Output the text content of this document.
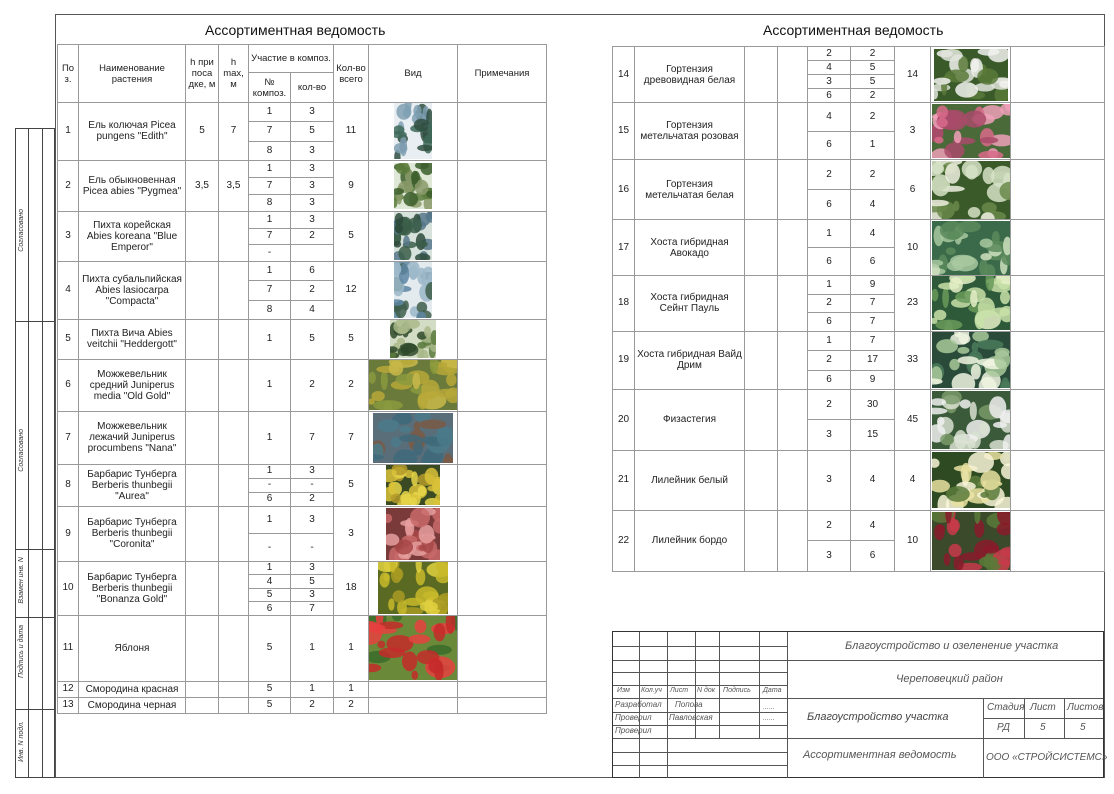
Согласовано
Согласовано
Взамен инв. N
Подпись и дата
Инв. N подл.
Ассортиментная ведомость	Ассортиментная ведомость
По з.	Наименование растения	h при поса дке, м	h max, м	Участие в композ.		Кол-во всего	Вид	Примечания
				№ композ.	кол-во			
1	Ель колючая Picea pungens "Edith"	5	7	1	3	11	

				7	5			
				8	3			
2	Ель обыкновенная Picea abies "Pygmea"	3,5	3,5	1	3	9	

				7	3			
				8	3			
3	Пихта корейская Abies koreana "Blue Emperor"			1	3	5	

				7	2			
				-				
4	Пихта субальпийская Abies lasiocarpa "Compacta"			1	6	12	

				7	2			
				8	4			
5	Пихта Вича Abies veitchii "Heddergott"			1	5	5	

6	Можжевельник средний Juniperus media "Old Gold"			1	2	2	

7	Можжевельник лежачий Juniperus procumbens "Nana"			1	7	7	

8	Барбарис Тунберга Berberis thunbegii "Aurea"			1	3	5	

				-	-			
				6	2			
9	Барбарис Тунберга Berberis thunbegii "Coronita"			1	3	3	

				-	-			
10	Барбарис Тунберга Berberis thunbegii "Bonanza Gold"			1	3	18	

				4	5			
				5	3			
				6	7			
11	Яблоня			5	1	1	

12	Смородина красная			5	1	1		
13	Смородина черная			5	2	2		
14	Гортензия древовидная белая			2	2	14	

				4	5			
				3	5			
				6	2			
15	Гортензия метельчатая розовая			4	2	3	

				6	1			
16	Гортензия метельчатая белая			2	2	6	

				6	4			
17	Хоста гибридная Авокадо			1	4	10	

				6	6			
18	Хоста гибридная Сейнт Пауль			1	9	23	

				2	7			
				6	7			
19	Хоста гибридная Вайд Дрим			1	7	33	

				2	17			
				6	9			
20	Физастегия			2	30	45	

				3	15			
21	Лилейник белый			3	4	4	

22	Лилейник бордо			2	4	10	

				3	6			
Изм Кол.уч Лист N док Подпись Дата
Разработал Попова
Проверил Павловская
Проверил
......
......
Благоустройство и озеленение участка
Череповецкий район
Благоустройство участка
Ассортиментная ведомость
Стадия Лист Листов
РД	5	5
ООО «СТРОЙСИСТЕМС»
